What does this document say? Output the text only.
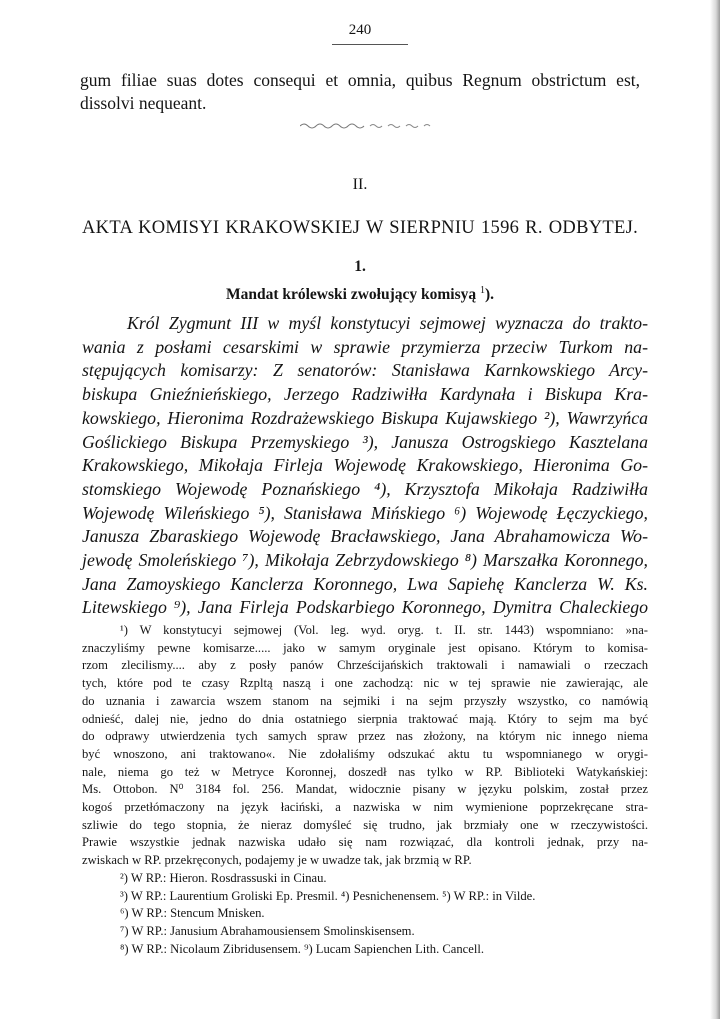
240
gum filiae suas dotes consequi et omnia, quibus Regnum obstrictum est,
dissolvi nequeant.
II.
AKTA KOMISYI KRAKOWSKIEJ W SIERPNIU 1596 R. ODBYTEJ.
1.
Mandat królewski zwołujący komisyą $^1$).
Król Zygmunt III w myśl konstytucyi sejmowej wyznacza do trakto-
wania z posłami cesarskimi w sprawie przymierza przeciw Turkom na-
stępujących komisarzy: Z senatorów: Stanisława Karnkowskiego Arcy-
biskupa Gnieźnieńskiego, Jerzego Radziwiłła Kardynała i Biskupa Kra-
kowskiego, Hieronima Rozdrażewskiego Biskupa Kujawskiego ²), Wawrzyńca
Goślickiego Biskupa Przemyskiego ³), Janusza Ostrogskiego Kasztelana
Krakowskiego, Mikołaja Firleja Wojewodę Krakowskiego, Hieronima Go-
stomskiego Wojewodę Poznańskiego ⁴), Krzysztofa Mikołaja Radziwiłła
Wojewodę Wileńskiego ⁵), Stanisława Mińskiego ⁶) Wojewodę Łęczyckiego,
Janusza Zbaraskiego Wojewodę Bracławskiego, Jana Abrahamowicza Wo-
jewodę Smoleńskiego ⁷), Mikołaja Zebrzydowskiego ⁸) Marszałka Koronnego,
Jana Zamoyskiego Kanclerza Koronnego, Lwa Sapiehę Kanclerza W. Ks.
Litewskiego ⁹), Jana Firleja Podskarbiego Koronnego, Dymitra Chaleckiego
¹) W konstytucyi sejmowej (Vol. leg. wyd. oryg. t. II. str. 1443) wspomniano: »na-
znaczyliśmy pewne komisarze..... jako w samym oryginale jest opisano. Którym to komisa-
rzom zlecilismy.... aby z posły panów Chrześcijańskich traktowali i namawiali o rzeczach
tych, które pod te czasy Rzpltą naszą i one zachodzą: nic w tej sprawie nie zawierając, ale
do uznania i zawarcia wszem stanom na sejmiki i na sejm przyszły wszystko, co namówią
odnieść, dalej nie, jedno do dnia ostatniego sierpnia traktować mają. Który to sejm ma być
do odprawy utwierdzenia tych samych spraw przez nas złożony, na którym nic innego niema
być wnoszono, ani traktowano«. Nie zdołaliśmy odszukać aktu tu wspomnianego w orygi-
nale, niema go też w Metryce Koronnej, doszedł nas tylko w RP. Biblioteki Watykańskiej:
Ms. Ottobon. N⁰ 3184 fol. 256. Mandat, widocznie pisany w języku polskim, został przez
kogoś przetłómaczony na język łaciński, a nazwiska w nim wymienione poprzekręcane stra-
szliwie do tego stopnia, że nieraz domyśleć się trudno, jak brzmiały one w rzeczywistości.
Prawie wszystkie jednak nazwiska udało się nam rozwiązać, dla kontroli jednak, przy na-
zwiskach w RP. przekręconych, podajemy je w uwadze tak, jak brzmią w RP.
²) W RP.: Hieron. Rosdrassuski in Cinau.
³) W RP.: Laurentium Groliski Ep. Presmil. ⁴) Pesnichenensem. ⁵) W RP.: in Vilde.
⁶) W RP.: Stencum Mnisken.
⁷) W RP.: Janusium Abrahamousiensem Smolinskisensem.
⁸) W RP.: Nicolaum Zibridusensem. ⁹) Lucam Sapienchen Lith. Cancell.
